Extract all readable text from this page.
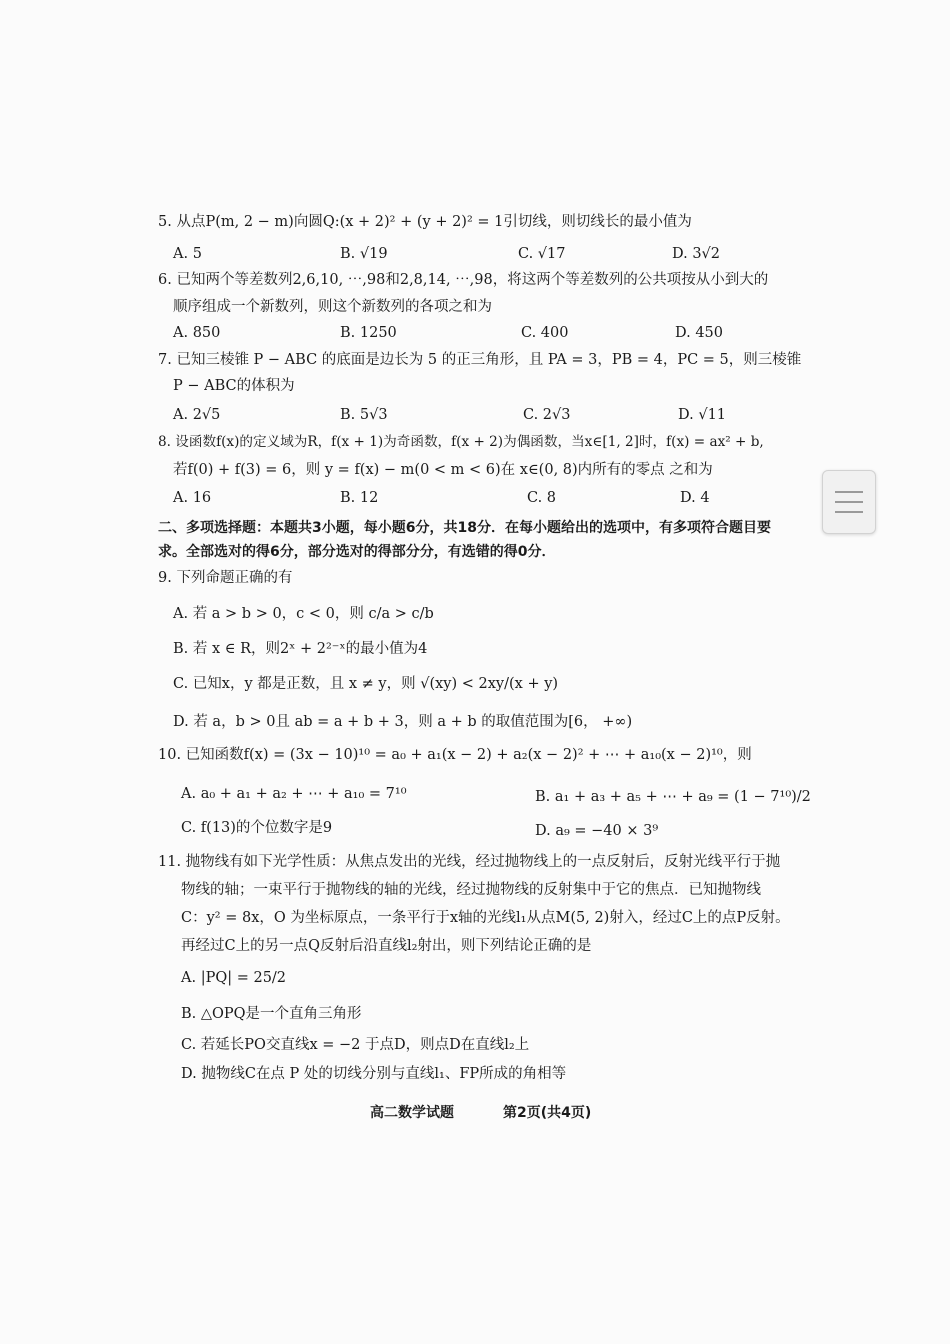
5. 从点P(m, 2 − m)向圆Q:(x + 2)² + (y + 2)² = 1引切线，则切线长的最小值为
A. 5	B. √19	C. √17	D. 3√2
6. 已知两个等差数列2,6,10, ⋯,98和2,8,14, ⋯,98，将这两个等差数列的公共项按从小到大的
顺序组成一个新数列，则这个新数列的各项之和为
A. 850	B. 1250	C. 400	D. 450
7. 已知三棱锥 P − ABC 的底面是边长为 5 的正三角形，且 PA = 3，PB = 4，PC = 5，则三棱锥
P − ABC的体积为
A. 2√5	B. 5√3	C. 2√3	D. √11
8. 设函数f(x)的定义域为R，f(x + 1)为奇函数，f(x + 2)为偶函数，当x∈[1, 2]时，f(x) = ax² + b,
若f(0) + f(3) = 6，则 y = f(x) − m(0 < m < 6)在 x∈(0, 8)内所有的零点 之和为
A. 16	B. 12	C. 8	D. 4
二、多项选择题：本题共3小题，每小题6分，共18分．在每小题给出的选项中，有多项符合题目要
求。全部选对的得6分，部分选对的得部分分，有选错的得0分．
9. 下列命题正确的有
A. 若 a > b > 0，c < 0，则 c/a > c/b
B. 若 x ∈ R，则2ˣ + 2²⁻ˣ的最小值为4
C. 已知x，y 都是正数，且 x ≠ y，则 √(xy) < 2xy/(x + y)
D. 若 a，b > 0且 ab = a + b + 3，则 a + b 的取值范围为[6， +∞)
10. 已知函数f(x) = (3x − 10)¹⁰ = a₀ + a₁(x − 2) + a₂(x − 2)² + ⋯ + a₁₀(x − 2)¹⁰，则
A. a₀ + a₁ + a₂ + ⋯ + a₁₀ = 7¹⁰	B. a₁ + a₃ + a₅ + ⋯ + a₉ = (1 − 7¹⁰)/2
C. f(13)的个位数字是9	D. a₉ = −40 × 3⁹
11. 抛物线有如下光学性质：从焦点发出的光线，经过抛物线上的一点反射后，反射光线平行于抛
物线的轴；一束平行于抛物线的轴的光线，经过抛物线的反射集中于它的焦点．已知抛物线
C：y² = 8x，O 为坐标原点，一条平行于x轴的光线l₁从点M(5, 2)射入，经过C上的点P反射。
再经过C上的另一点Q反射后沿直线l₂射出，则下列结论正确的是
A. |PQ| = 25/2
B. △OPQ是一个直角三角形
C. 若延长PO交直线x = −2 于点D，则点D在直线l₂上
D. 抛物线C在点 P 处的切线分别与直线l₁、FP所成的角相等
高二数学试题	第2页(共4页)
